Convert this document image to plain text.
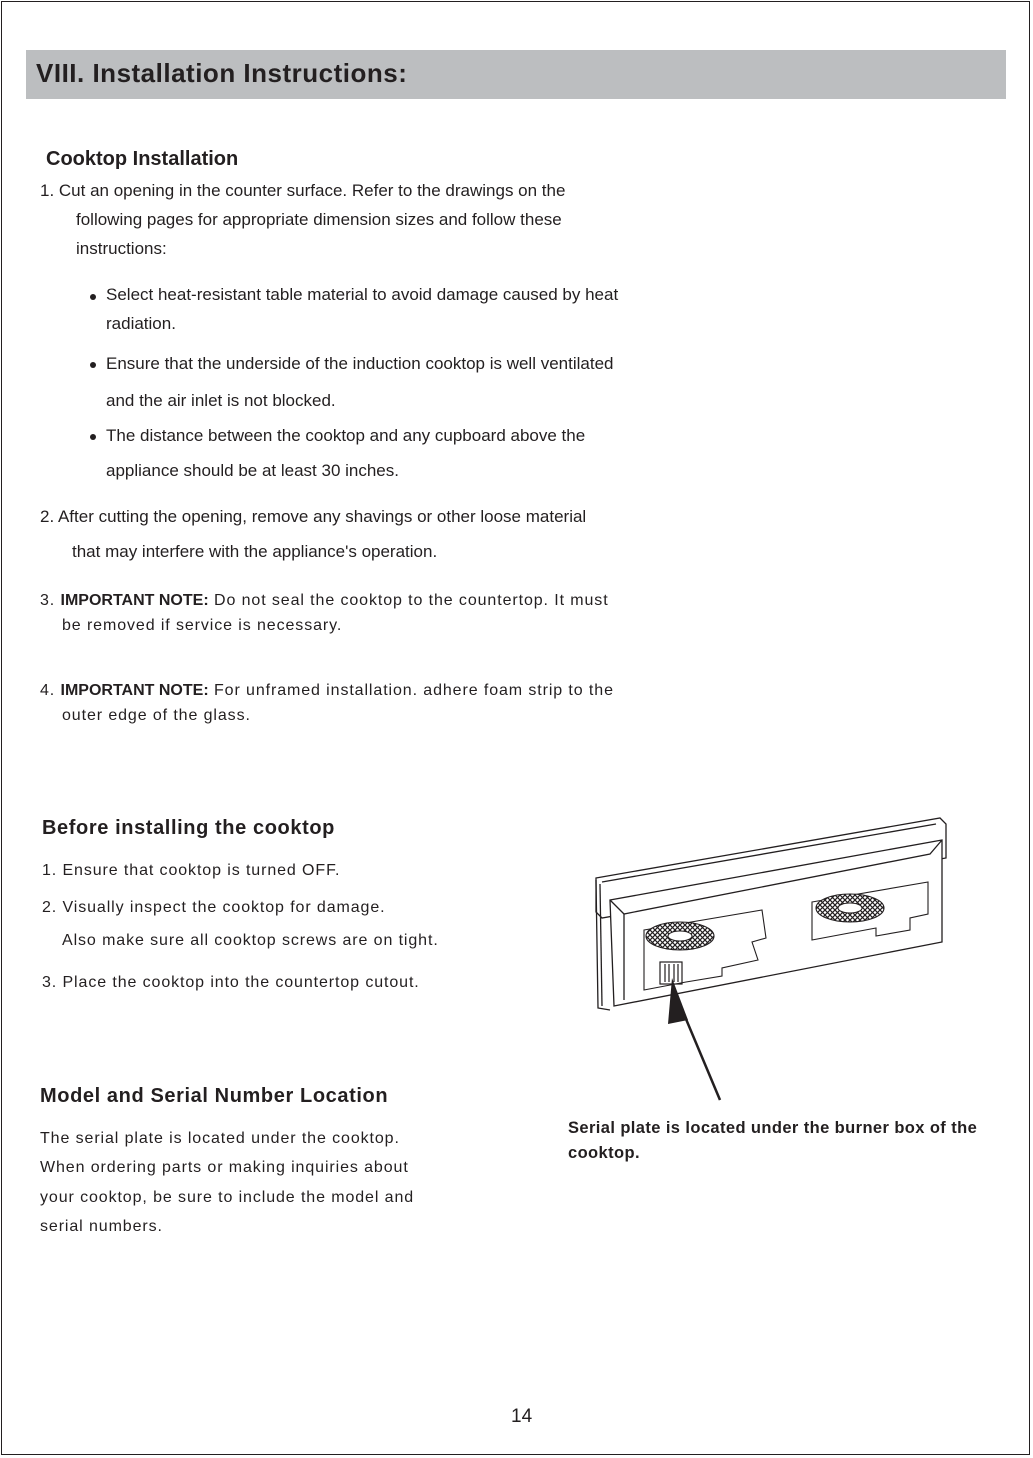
VIII. Installation Instructions:
Cooktop Installation
1. Cut an opening in the counter surface. Refer to the drawings on the
following pages for appropriate dimension sizes and follow these
instructions:
Select heat-resistant table material to avoid damage caused by heat
radiation.
Ensure that the underside of the induction cooktop is well ventilated
and the air inlet is not blocked.
The distance between the cooktop and any cupboard above the
appliance should be at least 30 inches.
2. After cutting the opening, remove any shavings or other loose material
that may interfere with the appliance's operation.
3. IMPORTANT NOTE: Do not seal the cooktop to the countertop. It must
be removed if service is necessary.
4. IMPORTANT NOTE: For unframed installation. adhere foam strip to the
outer edge of the glass.
Before installing the cooktop
1. Ensure that cooktop is turned OFF.
2. Visually inspect the cooktop for damage.
Also make sure all cooktop screws are on tight.
3. Place the cooktop into the countertop cutout.
Model and Serial Number Location
The serial plate is located under the cooktop.
When ordering parts or making inquiries about
your cooktop, be sure to include the model and
serial numbers.
Serial plate is located under the burner box of the cooktop.
14
